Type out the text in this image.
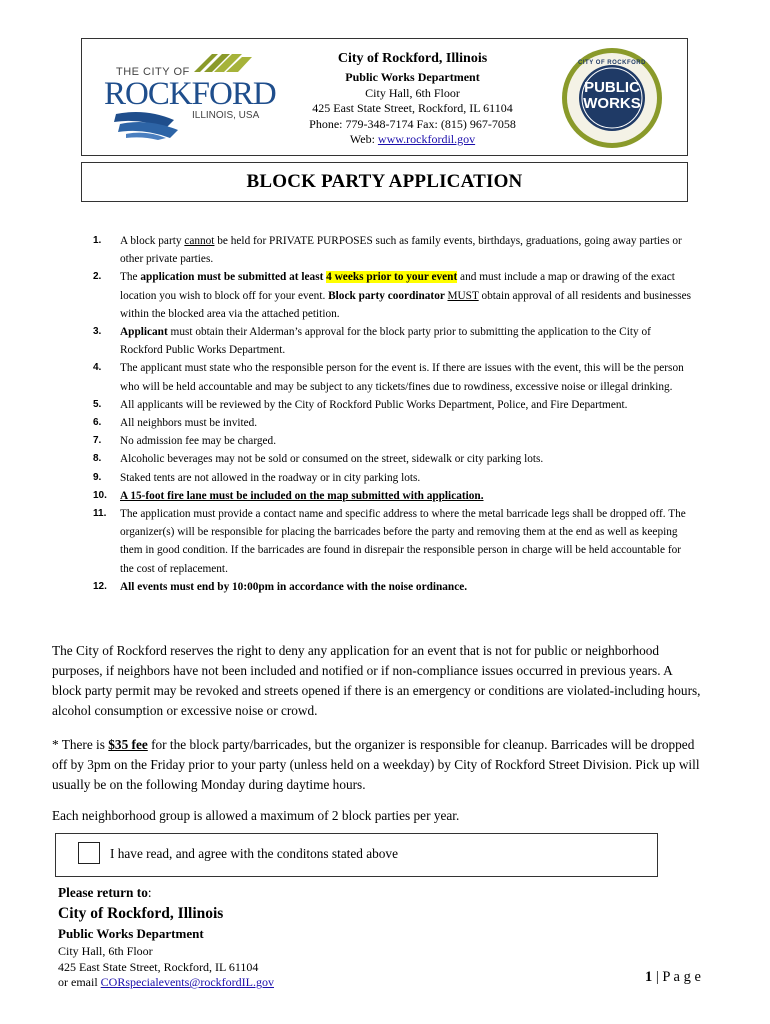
THE CITY OF
ROCKFORD
ILLINOIS, USA
City of Rockford, Illinois
Public Works Department
City Hall, 6th Floor
425 East State Street, Rockford, IL 61104
Phone: 779-348-7174 Fax: (815) 967-7058
Web: www.rockfordil.gov
CITY OF ROCKFORD
PUBLIC
WORKS
BLOCK PARTY APPLICATION
1.	A block party cannot be held for PRIVATE PURPOSES such as family events, birthdays, graduations, going away parties or other private parties.
2.	The application must be submitted at least 4 weeks prior to your event and must include a map or drawing of the exact location you wish to block off for your event. Block party coordinator MUST obtain approval of all residents and businesses within the blocked area via the attached petition.
3.	Applicant must obtain their Alderman’s approval for the block party prior to submitting the application to the City of Rockford Public Works Department.
4.	The applicant must state who the responsible person for the event is. If there are issues with the event, this will be the person who will be held accountable and may be subject to any tickets/fines due to rowdiness, excessive noise or illegal drinking.
5.	All applicants will be reviewed by the City of Rockford Public Works Department, Police, and Fire Department.
6.	All neighbors must be invited.
7.	No admission fee may be charged.
8.	Alcoholic beverages may not be sold or consumed on the street, sidewalk or city parking lots.
9.	Staked tents are not allowed in the roadway or in city parking lots.
10.	A 15-foot fire lane must be included on the map submitted with application.
11.	The application must provide a contact name and specific address to where the metal barricade legs shall be dropped off. The organizer(s) will be responsible for placing the barricades before the party and removing them at the end as well as keeping them in good condition. If the barricades are found in disrepair the responsible person in charge will be held accountable for the cost of replacement.
12.	All events must end by 10:00pm in accordance with the noise ordinance.
The City of Rockford reserves the right to deny any application for an event that is not for public or neighborhood purposes, if neighbors have not been included and notified or if non-compliance issues occurred in previous years. A block party permit may be revoked and streets opened if there is an emergency or conditions are violated-including hours, alcohol consumption or excessive noise or crowd.
* There is $35 fee for the block party/barricades, but the organizer is responsible for cleanup. Barricades will be dropped off by 3pm on the Friday prior to your party (unless held on a weekday) by City of Rockford Street Division. Pick up will usually be on the following Monday during daytime hours.
Each neighborhood group is allowed a maximum of 2 block parties per year.
I have read, and agree with the conditons stated above
Please return to:
City of Rockford, Illinois
Public Works Department
City Hall, 6th Floor
425 East State Street, Rockford, IL 61104
or email CORspecialevents@rockfordIL.gov	1 | P a g e
